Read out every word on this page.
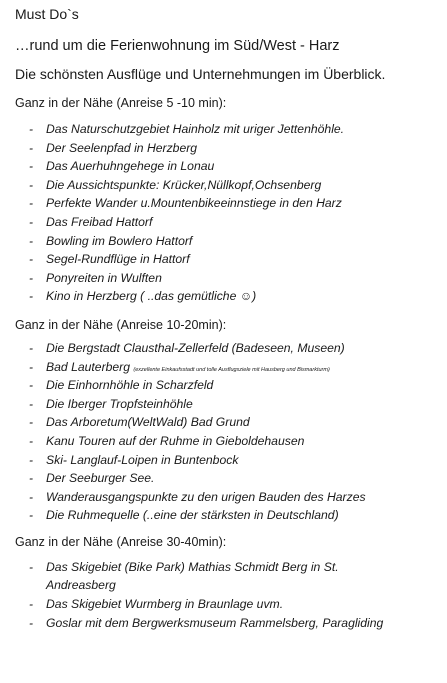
Must Do`s
…rund um die Ferienwohnung im Süd/West - Harz
Die schönsten Ausflüge und Unternehmungen im Überblick.
Ganz in der Nähe (Anreise 5 -10 min):
- Das Naturschutzgebiet Hainholz mit uriger Jettenhöhle.
- Der Seelenpfad in Herzberg
- Das Auerhuhngehege in Lonau
- Die Aussichtspunkte: Krücker,Nüllkopf,Ochsenberg
- Perfekte Wander u.Mountenbikeeinnstiege in den Harz
- Das Freibad Hattorf
- Bowling im Bowlero Hattorf
- Segel-Rundflüge in Hattorf
- Ponyreiten in Wulften
- Kino in Herzberg ( ..das gemütliche ☺)
Ganz in der Nähe (Anreise 10-20min):
- Die Bergstadt Clausthal-Zellerfeld (Badeseen, Museen)
- Bad Lauterberg (exzellente Einkaufsstadt und tolle Ausflugsziele mit Hausberg und Bismarkturm)
- Die Einhornhöhle in Scharzfeld
- Die Iberger Tropfsteinhöhle
- Das Arboretum(WeltWald) Bad Grund
- Kanu Touren auf der Ruhme in Gieboldehausen
- Ski- Langlauf-Loipen in Buntenbock
- Der Seeburger See.
- Wanderausgangspunkte zu den urigen Bauden des Harzes
- Die Ruhmequelle (..eine der stärksten in Deutschland)
Ganz in der Nähe (Anreise 30-40min):
- Das Skigebiet (Bike Park) Mathias Schmidt Berg in St.
Andreasberg
- Das Skigebiet Wurmberg in Braunlage uvm.
- Goslar mit dem Bergwerksmuseum Rammelsberg, Paragliding
